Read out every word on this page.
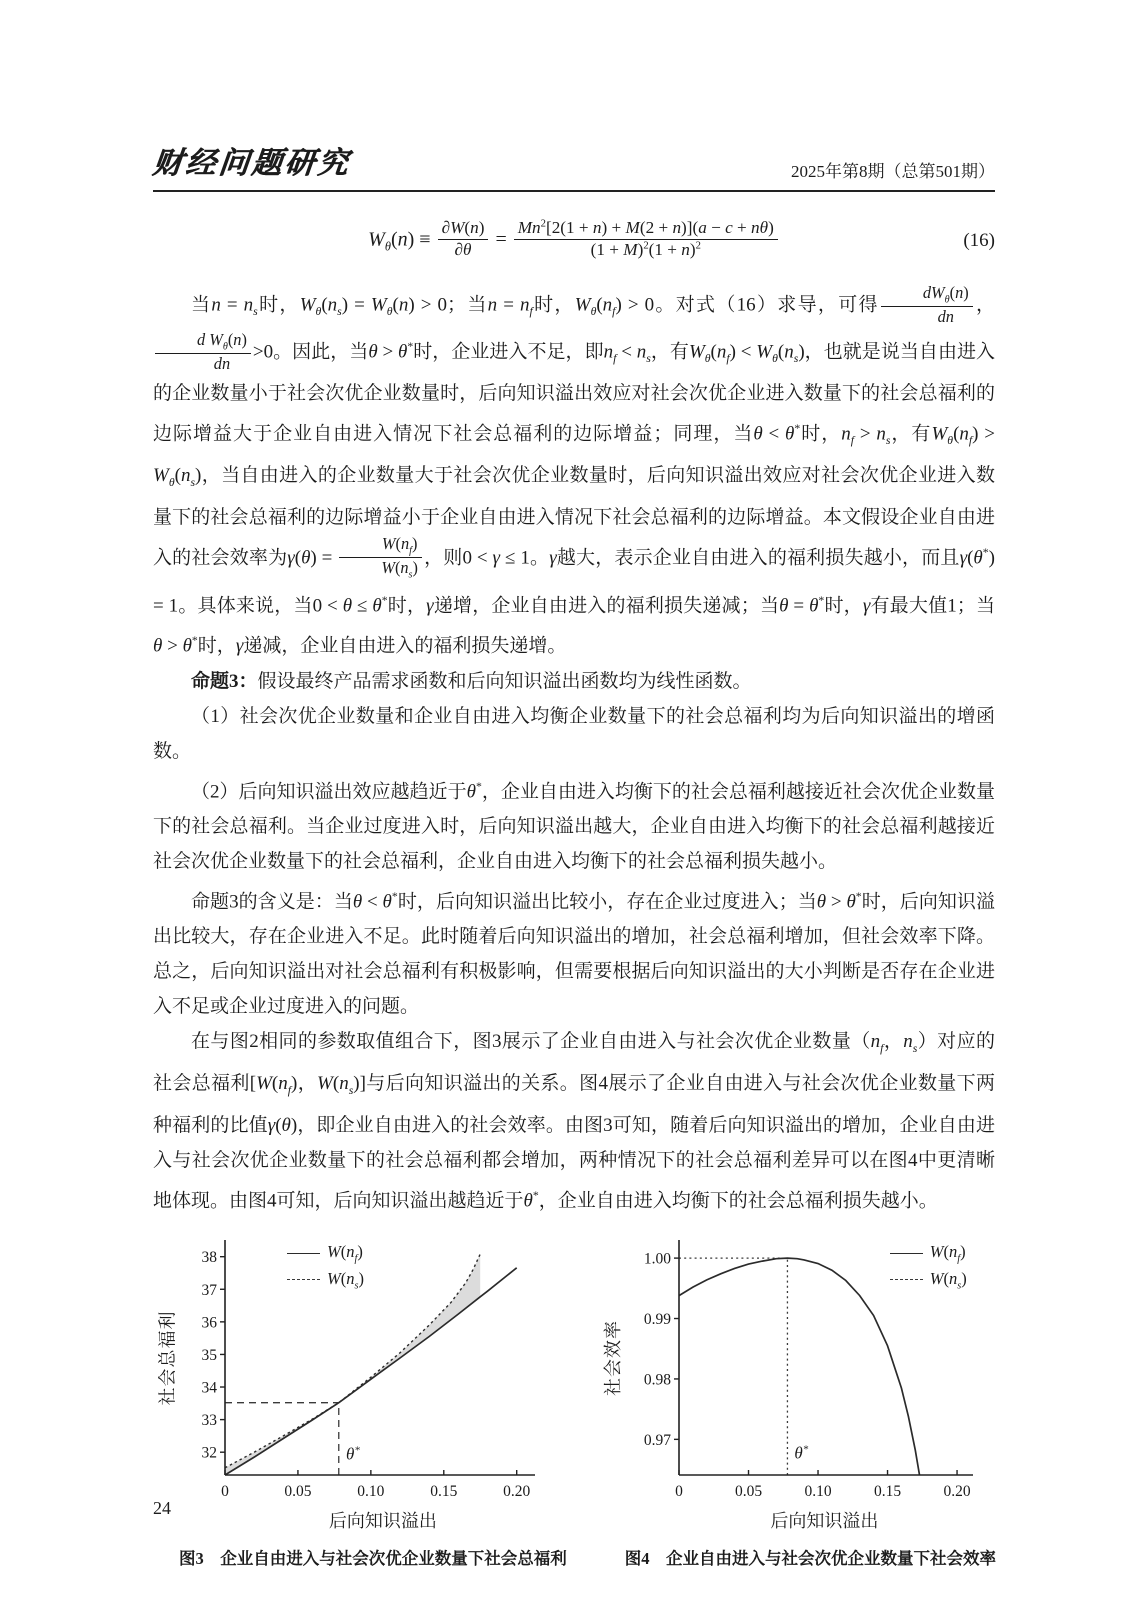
财经问题研究	2025年第8期（总第501期）
$W_\theta(n) \equiv \frac{\partial W(n)}{\partial\theta} = \frac{Mn^2[2(1 + n) + M(2 + n)](a - c + n\theta)}{(1 + M)^2(1 + n)^2}$	(16)

当$n = n_s$时，$W_\theta(n_s) = W_\theta(n) > 0$；当$n = n_f$时，$W_\theta(n_f) > 0$。对式（16）求导，可得 $\frac{dW_\theta(n)}{dn}$ ，
$\frac{d W_\theta(n)}{dn} >0$。因此，当θ > θ*时，企业进入不足，即$n_f < n_s$，有$W_\theta(n_f) < W_\theta(n_s)$，也就是说当自由进入的企业数量小于社会次优企业数量时，后向知识溢出效应对社会次优企业进入数量下的社会总福利的边际增益大于企业自由进入情况下社会总福利的边际增益；同理，当θ < θ*时，$n_f > n_s$，有$W_\theta(n_f) > W_\theta(n_s)$，当自由进入的企业数量大于社会次优企业数量时，后向知识溢出效应对社会次优企业进入数量下的社会总福利的边际增益小于企业自由进入情况下社会总福利的边际增益。本文假设企业自由进入的社会效率为$\gamma(\theta) = \frac{W(n_f)}{W(n_s)}$ ，则0 < γ ≤ 1。γ越大，表示企业自由进入的福利损失越小，而且γ(θ*) = 1。具体来说，当0 < θ ≤ θ*时，γ递增，企业自由进入的福利损失递减；当θ = θ*时，γ有最大值1；当θ > θ*时，γ递减，企业自由进入的福利损失递增。

命题3：假设最终产品需求函数和后向知识溢出函数均为线性函数。

（1）社会次优企业数量和企业自由进入均衡企业数量下的社会总福利均为后向知识溢出的增函数。

（2）后向知识溢出效应越趋近于θ*，企业自由进入均衡下的社会总福利越接近社会次优企业数量下的社会总福利。当企业过度进入时，后向知识溢出越大，企业自由进入均衡下的社会总福利越接近社会次优企业数量下的社会总福利，企业自由进入均衡下的社会总福利损失越小。

命题3的含义是：当θ < θ*时，后向知识溢出比较小，存在企业过度进入；当θ > θ*时，后向知识溢出比较大，存在企业进入不足。此时随着后向知识溢出的增加，社会总福利增加，但社会效率下降。总之，后向知识溢出对社会总福利有积极影响，但需要根据后向知识溢出的大小判断是否存在企业进入不足或企业过度进入的问题。

在与图2相同的参数取值组合下，图3展示了企业自由进入与社会次优企业数量（$n_f$，$n_s$）对应的社会总福利[$W(n_f)$，$W(n_s)$]与后向知识溢出的关系。图4展示了企业自由进入与社会次优企业数量下两种福利的比值γ(θ)，即企业自由进入的社会效率。由图3可知，随着后向知识溢出的增加，企业自由进入与社会次优企业数量下的社会总福利都会增加，两种情况下的社会总福利差异可以在图4中更清晰地体现。由图4可知，后向知识溢出越趋近于θ*，企业自由进入均衡下的社会总福利损失越小。

社会总福利
32
33
34
35
36
37
38
0	0.05	0.10	0.15	0.20
θ*
$W(n_f)$
$W(n_s)$
后向知识溢出
图3　企业自由进入与社会次优企业数量下社会总福利
社会效率
0.97
0.98
0.99
1.00
0	0.05	0.10	0.15	0.20
θ*
$W(n_f)$
$W(n_s)$
后向知识溢出
图4　企业自由进入与社会次优企业数量下社会效率
24
